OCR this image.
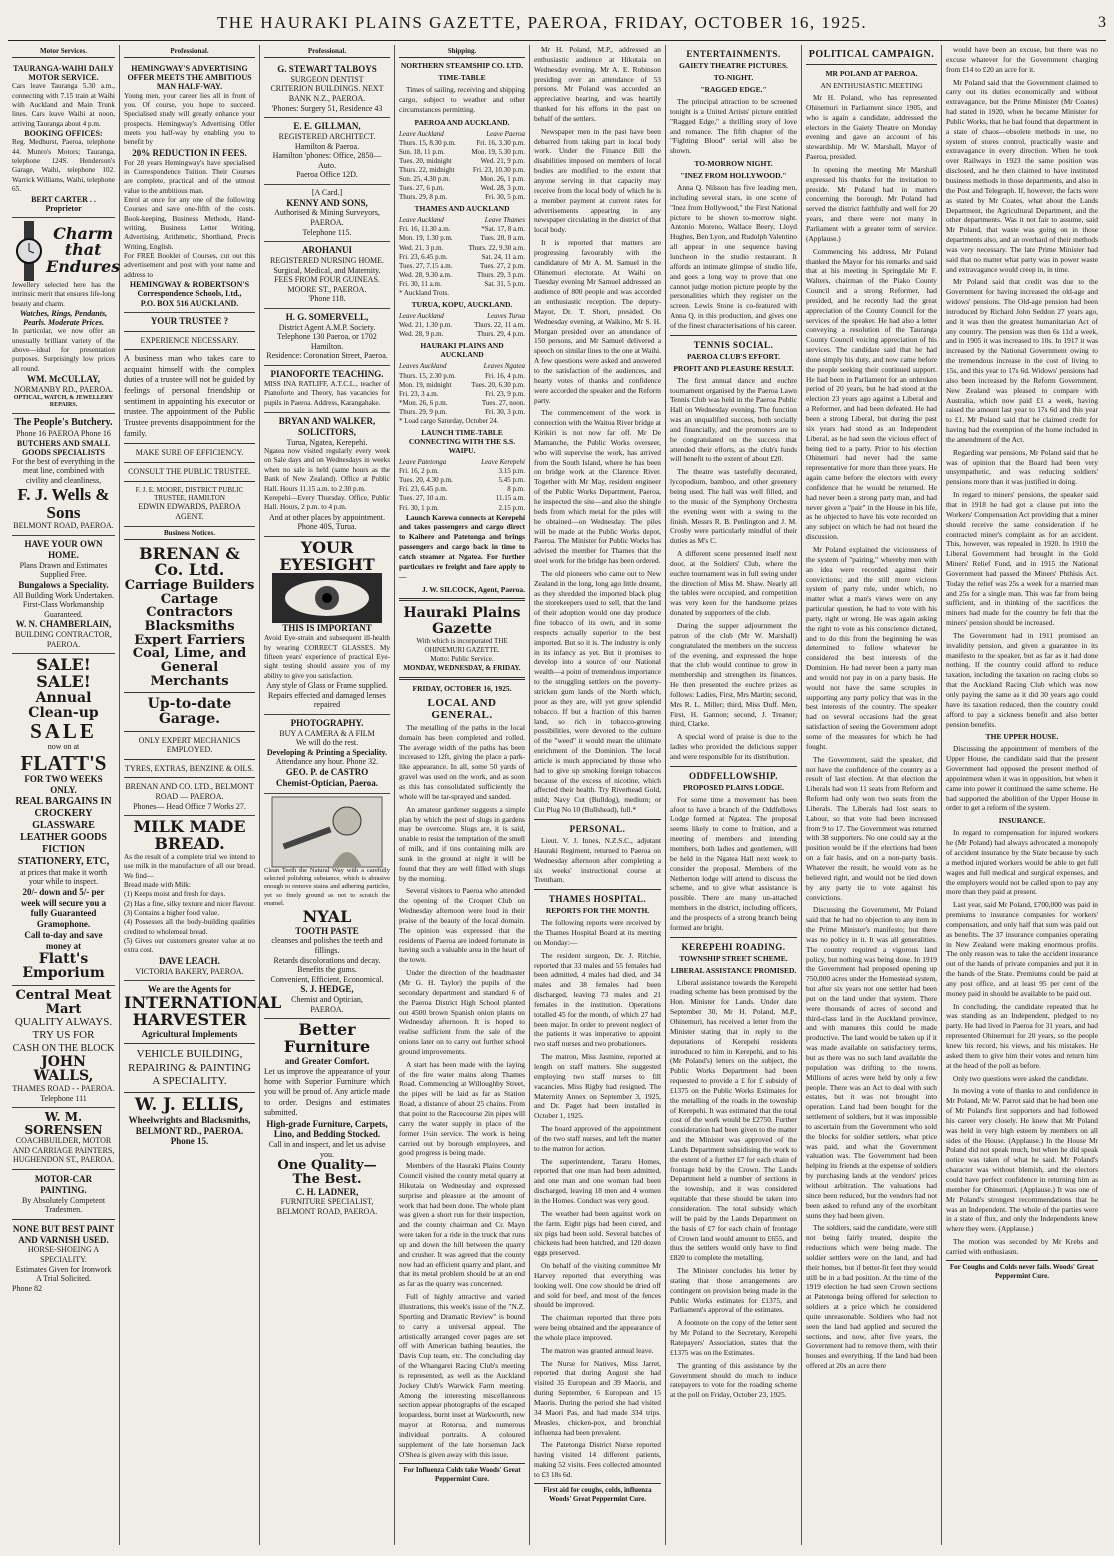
THE HAURAKI PLAINS GAZETTE, PAEROA, FRIDAY, OCTOBER 16, 1925.	3
Motor Services.
TAURANGA-WAIHI DAILY MOTOR SERVICE.
Cars leave Tauranga 5.30 a.m., connecting with 7.15 train at Waihi with Auckland and Main Trunk lines. Cars leave Waihi at noon, arriving Tauranga about 4 p.m.
BOOKING OFFICES:
Reg. Medhurst, Paeroa, telephone 44. Munro's Motors; Tauranga, telephone 124S. Henderson's Garage, Waihi, telephone 102. Warrick Williams, Waihi, telephone 65.
BERT CARTER . . Proprietor
Charm
that
Endures
Jewellery selected here has the intrinsic merit that ensures life-long beauty and charm.
Watches, Rings, Pendants, Pearls. Moderate Prices.
In particular, we now offer an unusually brilliant variety of the above—ideal for presentation purposes. Surprisingly low prices all round.
WM. McCULLAY,
NORMANBY RD., PAEROA.
OPTICAL, WATCH, & JEWELLERY REPAIRS.
The People's Butchery.
Phone 16 PAEROA Phone 16
BUTCHERS AND SMALL GOODS SPECIALISTS
For the best of everything in the meat line, combined with civility and cleanliness,
F. J. Wells & Sons
BELMONT ROAD, PAEROA.
HAVE YOUR OWN HOME.
Plans Drawn and Estimates Supplied Free.
Bungalows a Speciality.
All Building Work Undertaken.
First-Class Workmanship Guaranteed.
W. N. CHAMBERLAIN,
BUILDING CONTRACTOR, PAEROA.
SALE! SALE!
Annual Clean-up
SALE
now on at
FLATT'S
FOR TWO WEEKS ONLY.
REAL BARGAINS IN CROCKERY GLASSWARE LEATHER GOODS FICTION STATIONERY, ETC,
at prices that make it worth your while to inspect.
20/- down and 5/- per week will secure you a fully Guaranteed Gramophone.
Call to-day and save money at
Flatt's Emporium
Central Meat Mart
QUALITY ALWAYS.
TRY US FOR
CASH ON THE BLOCK
JOHN WALLS,
THAMES ROAD - - PAEROA.
Telephone 111
W. M. SORENSEN
COACHBUILDER, MOTOR AND CARRIAGE PAINTERS,
HUGHENDON ST., PAEROA.
MOTOR-CAR PAINTING.
By Absolutely Competent Tradesmen.
NONE BUT BEST PAINT AND VARNISH USED.
HORSE-SHOEING A SPECIALITY.
Estimates Given for Ironwork
A Trial Solicited.
Phone 82
Professional.
HEMINGWAY'S ADVERTISING OFFER MEETS THE AMBITIOUS MAN HALF-WAY.
Young men, your career lies all in front of you. Of course, you hope to succeed. Specialised study will greatly enhance your prospects. Hemingway's Advertising Offer meets you half-way by enabling you to benefit by
20% REDUCTION IN FEES.
For 28 years Hemingway's have specialised in Correspondence Tuition. Their Courses are complete, practical and of the utmost value to the ambitious man.
Enrol at once for any one of the following Courses and save one-fifth of the costs. Book-keeping, Business Methods, Hand-writing, Business Letter Writing, Advertising, Arithmetic, Shorthand, Precis Writing, English.
For FREE Booklet of Courses, cut out this advertisement and post with your name and address to
HEMINGWAY & ROBERTSON'S Correspondence Schools, Ltd.,
P.O. BOX 516 AUCKLAND.
YOUR TRUSTEE ?
EXPERIENCE NECESSARY.
A business man who takes care to acquaint himself with the complex duties of a trustee will not be guided by feelings of personal friendship or sentiment in appointing his executor or trustee. The appointment of the Public Trustee prevents disappointment for the family.
MAKE SURE OF EFFICIENCY.
CONSULT THE PUBLIC TRUSTEE.
F. J. E. MOORE, DISTRICT PUBLIC TRUSTEE, HAMILTON
EDWIN EDWARDS, PAEROA AGENT.
Business Notices.
BRENAN & Co. Ltd.
Carriage Builders
Cartage Contractors
Blacksmiths
Expert Farriers
Coal, Lime, and
General Merchants
Up-to-date Garage.
ONLY EXPERT MECHANICS EMPLOYED.
TYRES, EXTRAS, BENZINE & OILS.
BRENAN AND CO. LTD., BELMONT ROAD — PAEROA.
Phones— Head Office 7 Works 27.
MILK MADE BREAD.
As the result of a complete trial we intend to use milk in the manufacture of all our bread. We find—
Bread made with Milk:
(1) Keeps moist and fresh for days.
(2) Has a fine, silky texture and nicer flavour.
(3) Contains a higher food value.
(4) Possesses all the body-building qualities credited to wholemeal bread.
(5) Gives our customers greater value at no extra cost.
DAVE LEACH.
VICTORIA BAKERY, PAEROA.
We are the Agents for
INTERNATIONAL HARVESTER
Agricultural Implements
VEHICLE BUILDING, REPAIRING & PAINTING A SPECIALITY.
W. J. ELLIS,
Wheelwrights and Blacksmiths,
BELMONT RD., PAEROA.
Phone 15.
Professional.
G. STEWART TALBOYS
SURGEON DENTIST
CRITERION BUILDINGS. NEXT BANK N.Z., PAEROA.
'Phones: Surgery 51, Residence 43
E. E. GILLMAN,
REGISTERED ARCHITECT.
Hamilton & Paeroa.
Hamilton 'phones: Office, 2850—Auto.
Paeroa Office 12D.
[A Card.]
KENNY AND SONS,
Authorised & Mining Surveyors, PAEROA.
Telephone 115.
AROHANUI
REGISTERED NURSING HOME.
Surgical, Medical, and Maternity.
FEES FROM FOUR GUINEAS.
MOORE ST., PAEROA.
'Phone 118.
H. G. SOMERVELL,
District Agent A.M.P. Society. Telephone 130 Paeroa, or 1702 Hamilton.
Residence: Coronation Street, Paeroa.
PIANOFORTE TEACHING.
MISS INA RATLIFF, A.T.C.L., teacher of Pianoforte and Theory, has vacancies for pupils in Paeroa. Address, Karangahake.
BRYAN AND WALKER, SOLICITORS,
Turua, Ngatea, Kerepehi.
Ngatea now visited regularly every week on Sale days and on Wednesdays in weeks when no sale is held (same hours as the Bank of New Zealand). Office at Public Hall. Hours 11.15 a.m. to 2.30 p.m.
Kerepehi—Every Thursday. Office, Public Hall. Hours, 2 p.m. to 4 p.m.
And at other places by appointment.
Phone 40S, Turua.
YOUR EYESIGHT
THIS IS IMPORTANT
Avoid Eye-strain and subsequent ill-health by wearing CORRECT GLASSES. My fifteen years' experience of practical Eye-sight testing should assure you of my ability to give you satisfaction.
Any style of Glass or Frame supplied.
Repairs effected and damaged lenses repaired
PHOTOGRAPHY.
BUY A CAMERA & A FILM
We will do the rest.
Developing & Printing a Speciality.
Attendance any hour. Phone 32.
GEO. P. de CASTRO
Chemist-Optician, Paeroa.
Clean Teeth the Natural Way with a carefully selected polishing substance, which is abrasive enough to remove stains and adhering particles, yet so finely ground as not to scratch the enamel.
NYAL
TOOTH PASTE
cleanses and polishes the teeth and fillings.
Retards discolorations and decay. Benefits the gums.
Convenient, Efficient, Economical.
S. J. HEDGE,
Chemist and Optician,
PAEROA.
Better Furniture
and Greater Comfort.
Let us improve the appearance of your home with Superior Furniture which you will be proud of. Any article made to order. Designs and estimates submitted.
High-grade Furniture, Carpets, Lino, and Bedding Stocked.
Call in and inspect, and let us advise you.
One Quality—The Best.
C. H. LADNER,
FURNITURE SPECIALIST,
BELMONT ROAD, PAEROA.
Shipping.
NORTHERN STEAMSHIP CO. LTD.
TIME-TABLE

Times of sailing, receiving and shipping cargo, subject to weather and other circumstances permitting.

PAEROA AND AUCKLAND.
Leave Auckland	Leave Paeroa
Thurs. 15, 8.30 p.m.	Fri. 16, 3.30 p.m.
Sun. 18, 11 p.m.	Mon. 19, 5.30 p.m.
Tues. 20, midnight	Wed. 21, 9 p.m.
Thurs. 22, midnight	Fri. 23, 10.30 p.m.
Sun. 25, 4.30 p.m.	Mon. 26, 1 p.m.
Tues. 27, 6 p.m.	Wed. 28, 3 p.m.
Thurs. 29, 8 p.m.	Fri. 30, 5 p.m.
THAMES AND AUCKLAND
Leave Auckland	Leave Thames
Fri. 16, 11.30 a.m.	*Sat. 17, 8 a.m.
Mon. 19, 1.30 p.m.	Tues. 20, 8 a.m.
Wed. 21, 3 p.m.	Thurs. 22, 9.30 a.m.
Fri. 23, 6.45 p.m.	Sat. 24, 11 a.m.
Tues. 27, 7.15 a.m.	Tues. 27, 2 p.m.
Wed. 28, 9.30 a.m.	Thurs. 29, 3 p.m.
Fri. 30, 11 a.m.	Sat. 31, 5 p.m.
* Auckland Trots.
TURUA, KOPU, AUCKLAND.
Leave Auckland	Leaves Turua
Wed. 21, 1.30 p.m.	Thurs. 22, 11 a.m.
Wed. 28, 9 p.m.	Thurs. 29, 4 p.m.
HAURAKI PLAINS AND AUCKLAND
Leaves Auckland	Leaves Ngatea
Thurs. 15, 2.30 p.m.	Fri. 16, 4 p.m.
Mon. 19, midnight	Tues. 20, 6.30 p.m.
Fri. 23, 3 a.m.	Fri. 23, 9 p.m.
*Mon. 26, 6 p.m.	Tues. 27, noon.
Thurs. 29, 9 p.m.	Fri. 30, 3 p.m.
* Load cargo Saturday, October 24.
LAUNCH TIME-TABLE CONNECTING WITH THE S.S. WAIPU.
Leave Patetonga	Leave Kerepehi
Fri. 16, 2 p.m.	3.15 p.m.
Tues. 20, 4.30 p.m.	5.45 p.m.
Fri. 23, 6.45 p.m.	8 p.m.
Tues. 27, 10 a.m.	11.15 a.m.
Fri. 30, 1 p.m.	2.15 p.m.

Launch Karewa connects at Kerepehi and takes passengers and cargo direct to Kaihere and Patetonga and brings passengers and cargo back in time to catch steamer at Ngatea. For further particulars re freight and fare apply to—

J. W. SILCOCK, Agent, Paeroa.
Hauraki Plains Gazette
With which is incorporated THE OHINEMURI GAZETTE.
Motto: Public Service.
MONDAY, WEDNESDAY, & FRIDAY.
FRIDAY, OCTOBER 16, 1925.
LOCAL AND GENERAL.

The metalling of the paths in the local domain has been completed and rolled. The average width of the paths has been increased to 12ft, giving the place a park-like appearance. In all, some 50 yards of gravel was used on the work, and as soon as this has consolidated sufficiently the whole will be tar-sprayed and sanded.

An amateur gardener suggests a simple plan by which the pest of slugs in gardens may be overcome. Slugs are, it is said, unable to resist the temptation of the smell of milk, and if tins containing milk are sunk in the ground at night it will be found that they are well filled with slugs by the morning.

Several visitors to Paeroa who attended the opening of the Croquet Club on Wednesday afternoon were loud in their praise of the beauty of the local domain. The opinion was expressed that the residents of Paeroa are indeed fortunate in having such a valuable area in the heart of the town.

Under the direction of the headmaster (Mr G. H. Taylor) the pupils of the secondary department and standard 6 of the Paeroa District High School planted out 4500 brown Spanish onion plants on Wednesday afternoon. It is hoped to realise sufficient from the sale of the onions later on to carry out further school ground improvements.

A start has been made with the laying of the fire water mains along Thames Road. Commencing at Willoughby Street, the pipes will be laid as far as Station Road, a distance of about 25 chains. From that point to the Racecourse 2in pipes will carry the water supply in place of the former 1½in service. The work is being carried out by borough employees, and good progress is being made.

Members of the Hauraki Plains County Council visited the county metal quarry at Hikutaia on Wednesday and expressed surprise and pleasure at the amount of work that had been done. The whole plant was given a short run for their inspection, and the county chairman and Cr. Mayn were taken for a ride in the truck that runs up and down the hill between the quarry and crusher. It was agreed that the county now had an efficient quarry and plant, and that its metal problem should be at an end as far as the quarry was concerned.

Full of highly attractive and varied illustrations, this week's issue of the "N.Z. Sporting and Dramatic Review" is bound to carry a universal appeal. The artistically arranged cover pages are set off with American bathing beauties, the Davis Cup team, etc. The concluding day of the Whangarei Racing Club's meeting is represented, as well as the Auckland Jockey Club's Warwick Farm meeting. Among the interesting miscellaneous section appear photographs of the escaped leopardess, burnt inset at Warkworth, new mayor at Rotorua, and numerous individual portraits. A coloured supplement of the late horseman Jack O'Shea is given away with this issue.

For Influenza Colds take Woods' Great Peppermint Cure.

Mr H. Poland, M.P., addressed an enthusiastic audience at Hikutaia on Wednesday evening. Mr A. E. Robinson presiding over an attendance of 53 persons. Mr Poland was accorded an appreciative hearing, and was heartily thanked for his efforts in the past on behalf of the settlers.

Newspaper men in the past have been debarred from taking part in local body work. Under the Finance Bill the disabilities imposed on members of local bodies are modified to the extent that anyone serving in that capacity may receive from the local body of which he is a member payment at current rates for advertisements appearing in any newspaper circulating in the district of that local body.

It is reported that matters are progressing favourably with the candidature of Mr A. M. Samuel in the Ohinemuri electorate. At Waihi on Tuesday evening Mr Samuel addressed an audience of 800 people and was accorded an enthusiastic reception. The deputy-Mayor, Dr. T. Short, presided. On Wednesday evening, at Waikino, Mr S. H. Morgan presided over an attendance of 150 persons, and Mr Samuel delivered a speech on similar lines to the one at Waihi. A few questions were asked and answered to the satisfaction of the audiences, and hearty votes of thanks and confidence were accorded the speaker and the Reform party.

The commencement of the work in connection with the Waitoa River bridge at Kirikiri is not now far off. Mr De Mamanche, the Public Works overseer, who will supervise the work, has arrived from the South Island, where he has been on bridge work at the Clarence River. Together with Mr May, resident engineer of the Public Works Department, Paeroa, he inspected the site—and also the shingle beds from which metal for the piles will be obtained—on Wednesday. The piles will be made at the Public Works depot, Paeroa. The Minister for Public Works has advised the member for Thames that the steel work for the bridge has been ordered.

The old pioneers who came out to New Zealand in the long, long ago little dreamt, as they shredded the imported black plug the storekeepers used to sell, that the land of their adoption would one day produce fine tobacco of its own, and in some respects actually superior to the best imported. But so it is. The industry is only in its infancy as yet. But it promises to develop into a source of our National wealth—a point of tremendous importance to the struggling settlers on the poverty-stricken gum lands of the North which, poor as they are, will yet grow splendid tobacco. If but a fraction of this barren land, so rich in tobacco-growing possibilities, were devoted to the culture of the "weed" it would mean the ultimate enrichment of the Dominion. The local article is much appreciated by those who had to give up smoking foreign tobaccos because of the excess of nicotine, which affected their health. Try Riverhead Gold, mild; Navy Cut (Bulldog), medium; or Cut Plug No 10 (Bullshead), full.*

PERSONAL.

Lieut. V. J. Innes, N.Z.S.C., adjutant Hauraki Regiment, returned to Paeroa on Wednesday afternoon after completing a six weeks' instructional course at Trentham.

THAMES HOSPITAL.
REPORTS FOR THE MONTH.

The following reports were received by the Thames Hospital Board at its meeting on Monday:—

The resident surgeon, Dr. J. Ritchie, reported that 33 males and 55 females had been admitted, 4 males had died, and 34 males and 38 females had been discharged, leaving 73 males and 21 females in the institution. Operations totalled 45 for the month, of which 27 had been major. In order to prevent neglect of the patients it was imperative to appoint two staff nurses and two probationers.

The matron, Miss Jasmine, reported at length on staff matters. She suggested employing two staff nurses to fill vacancies. Miss Rigby had resigned. The Maternity Annex on September 3, 1925, and Dr. Paget had been installed in October 1, 1925.

The board approved of the appointment of the two staff nurses, and left the matter to the matron for action.

The superintendent, Tararu Homes, reported that one man had been admitted, and one man and one woman had been discharged, leaving 18 men and 4 women in the Homes. Conduct was very good.

The weather had been against work on the farm. Eight pigs had been cured, and six pigs had been sold. Several batches of chickens had been hatched, and 120 dozen eggs preserved.

On behalf of the visiting committee Mr Harvey reported that everything was looking well. One cow should be dried off and sold for beef, and most of the fences should be improved.

The chairman reported that three pots were being obtained and the appearance of the whole place improved.

The matron was granted annual leave.

The Nurse for Natives, Miss Jarret, reported that during August she had visited 35 European and 39 Maoris, and during September, 6 European and 15 Maoris. During the period she had visited 34 Maori Pas, and had made 334 trips. Measles, chicken-pox, and bronchial influenza had been prevalent.

The Patetonga District Nurse reported having visited 14 different patients, making 52 visits. Fees collected amounted to £3 18s 6d.

First aid for coughs, colds, influenza Woods' Great Peppermint Cure.
ENTERTAINMENTS.
GAIETY THEATRE PICTURES.
TO-NIGHT.
"RAGGED EDGE."

The principal attraction to be screened tonight is a United Artists' picture entitled "Ragged Edge," a thrilling story of love and romance. The fifth chapter of the "Fighting Blood" serial will also be shown.

TO-MORROW NIGHT.
"INEZ FROM HOLLYWOOD."

Anna Q. Nilsson has five leading men, including several stars, in one scene of "Inez from Hollywood," the First National picture to be shown to-morrow night. Antonio Moreno, Wallace Beery, Lloyd Hughes, Ben Lyon, and Rudolph Valentino all appear in one sequence having luncheon in the studio restaurant. It affords an intimate glimpse of studio life, and goes a long way to prove that one cannot judge motion picture people by the personalities which they register on the screen. Lewis Stone is co-featured with Anna Q. in this production, and gives one of the finest characterisations of his career.

TENNIS SOCIAL.
PAEROA CLUB'S EFFORT.
PROFIT AND PLEASURE RESULT.

The first annual dance and euchre tournament organised by the Paeroa Lawn Tennis Club was held in the Paeroa Public Hall on Wednesday evening. The function was an unqualified success, both socially and financially, and the promoters are to be congratulated on the success that attended their efforts, as the club's funds will benefit to the extent of about £20.

The theatre was tastefully decorated, lycopodium, bamboo, and other greenery being used. The hall was well filled, and to the music of the Symphony Orchestra the evening went with a swing to the finish. Messrs R. B. Penlington and J. M. Crosby were particularly mindful of their duties as M's C.

A different scene presented itself next door, at the Soldiers' Club, where the euchre tournament was in full swing under the direction of Miss M. Shaw. Nearly all the tables were occupied, and competition was very keen for the handsome prizes donated by supporters of the club.

During the supper adjournment the patron of the club (Mr W. Marshall) congratulated the members on the success of the evening, and expressed the hope that the club would continue to grow in membership and strengthen its finances. He then presented the euchre prizes as follows: Ladies, First, Mrs Martin; second, Mrs R. L. Miller; third, Miss Duff. Men, First, H. Gannon; second, J. Treanor; third, Clarke.

A special word of praise is due to the ladies who provided the delicious supper and were responsible for its distribution.

ODDFELLOWSHIP.
PROPOSED PLAINS LODGE.

For some time a movement has been afoot to have a branch of the Oddfellows Lodge formed at Ngatea. The proposal seems likely to come to fruition, and a meeting of members and intending members, both ladies and gentlemen, will be held in the Ngatea Hall next week to consider the proposal. Members of the Netherton lodge will attend to discuss the scheme, and to give what assistance is possible. There are many un-attached members in the district, including officers, and the prospects of a strong branch being formed are bright.

KEREPEHI ROADING.
TOWNSHIP STREET SCHEME.
LIBERAL ASSISTANCE PROMISED.

Liberal assistance towards the Kerepehi roading scheme has been promised by the Hon. Minister for Lands. Under date September 30, Mr H. Poland, M.P., Ohinemuri, has received a letter from the Minister stating that in reply to the deputations of Kerepehi residents introduced to him in Kerepehi, and to his (Mr Poland's) letters on the subject, the Public Works Department had been requested to provide a £ for £ subsidy of £1375 on the Public Works Estimates for the metalling of the roads in the township of Kerepehi. It was estimated that the total cost of the work would be £2750. Further consideration had been given to the matter and the Minister was approved of the Lands Department subsidising the work to the extent of a further £7 for each chain of frontage held by the Crown. The Lands Department held a number of sections in the township, and it was considered equitable that these should be taken into consideration. The total subsidy which will be paid by the Lands Department on the basis of £7 for each chain of frontage of Crown land would amount to £655, and thus the settlers would only have to find £820 to complete the metalling.

The Minister concludes his letter by stating that those arrangements are contingent on provision being made in the Public Works estimates for £1375, and Parliament's approval of the estimates.

A footnote on the copy of the letter sent by Mr Poland to the Secretary, Kerepehi Ratepayers' Association, states that the £1375 was on the Estimates.

The granting of this assistance by the Government should do much to induce ratepayers to vote for the roading scheme at the poll on Friday, October 23, 1925.

POLITICAL CAMPAIGN.
MR POLAND AT PAEROA.
AN ENTHUSIASTIC MEETING

Mr H. Poland, who has represented Ohinemuri in Parliament since 1905, and who is again a candidate, addressed the electors in the Gaiety Theatre on Monday evening and gave an account of his stewardship. Mr W. Marshall, Mayor of Paeroa, presided.

In opening the meeting Mr Marshall expressed his thanks for the invitation to preside. Mr Poland had in matters concerning the borough. Mr Poland had served the district faithfully and well for 20 years, and there were not many in Parliament with a greater term of service. (Applause.)

Commencing his address, Mr Poland thanked the Mayor for his remarks and said that at his meeting in Springdale Mr F. Walters, chairman of the Piako County Council and a strong Reformer, had presided, and he recently had the great appreciation of the County Council for the services of the speaker. He had also a letter conveying a resolution of the Tauranga County Council voicing appreciation of his services. The candidate said that he had done simply his duty, and now came before the people seeking their continued support. He had been in Parliament for an unbroken period of 20 years, but he had stood at the election 23 years ago against a Liberal and a Reformer, and had been defeated. He had been a strong Liberal, but during the past six years had stood as an Independent Liberal, as he had seen the vicious effect of being tied to a party. Prior to his election Ohinemuri had never had the same representative for more than three years. He again came before the electors with every confidence that he would be returned. He had never been a strong party man, and had never given a "pair" in the House in his life, as he objected to have his vote recorded on any subject on which he had not heard the discussion.

Mr Poland explained the viciousness of the system of "pairing," whereby men with an idea were recorded against their convictions; and the still more vicious system of party rule, under which, no matter what a man's views were on any particular question, he had to vote with his party, right or wrong. He was again asking the right to vote as his conscience dictated, and to do this from the beginning he was determined to follow whatever he considered the best interests of the Dominion. He had never been a party man and would not pay in on a party basis. He would not have the same scruples in supporting any party policy that was in the best interests of the country. The speaker had on several occasions had the great satisfaction of seeing the Government adopt some of the measures for which he had fought.

The Government, said the speaker, did not have the confidence of the country as a result of last election. At that election the Liberals had won 11 seats from Reform and Reform had only won two seats from the Liberals. The Liberals had lost seats to Labour, so that vote had been increased from 9 to 17. The Government was returned with 38 supporters. No one could say at the position would be if the elections had been on a fair basis, and on a non-party basis. Whatever the result, he would vote as he believed right, and would not be tied down by any party tie to vote against his convictions.

Discussing the Government, Mr Poland said that he had no objection to any item in the Prime Minister's manifesto; but there was no policy in it. It was all generalities. The country required a vigorous land policy, but nothing was being done. In 1919 the Government had proposed opening up 750,000 acres under the Homestead system, but after six years not one settler had been put on the land under that system. There were thousands of acres of second and third-class land in the Auckland province, and with manures this could be made productive. The land would be taken up if it was made available on satisfactory terms, but as there was no such land available the population was drifting to the towns. Millions of acres were held by only a few people. There was an Act to deal with such estates, but it was not brought into operation. Land had been bought for the settlement of soldiers, but it was impossible to ascertain from the Government who sold the blocks for soldier settlers, what price was paid, and what the Government valuation was. The Government had been helping its friends at the expense of soldiers by purchasing lands at the vendors' prices without arbitration. The valuations had since been reduced, but the vendors had not been asked to refund any of the exorbitant sums they had been given.

The soldiers, said the candidate, were still not being fairly treated, despite the reductions which were being made. The soldier settlers were on the land, and had their homes, but if better-fit feet they would still be in a bad position. At the time of the 1919 election he had seen Crown sections at Patetonga being offered for selection to soldiers at a price which he considered quite unreasonable. Soldiers who had not seen the land had applied and secured the sections, and now, after five years, the Government had to remove them, with their houses and everything. If the land had been offered at 20s an acre there

would have been an excuse, but there was no excuse whatever for the Government charging from £14 to £20 an acre for it.

Mr Poland said that the Government claimed to carry out its duties economically and without extravagance, but the Prime Minister (Mr Coates) had stated in 1920, when he became Minister for Public Works, that he had found that department in a state of chaos—obsolete methods in use, no system of stores control, practically waste and extravagance in every direction. When he took over Railways in 1923 the same position was disclosed, and he then claimed to have instituted business methods in those departments, and also in the Post and Telegraph. If, however, the facts were as stated by Mr Coates, what about the Lands Department, the Agricultural Department, and the other departments. Was it not fair to assume, said Mr Poland, that waste was going on in those departments also, and an overhaul of their methods was very necessary. The late Prime Minister had said that no matter what party was in power waste and extravagance would creep in, in time.

Mr Poland said that credit was due to the Government for having increased the old-age and widows' pensions. The Old-age pension had been introduced by Richard John Seddon 27 years ago, and it was then the greatest humanitarian Act of any country. The pension was then 6s 11d a week, and in 1905 it was increased to 10s. In 1917 it was increased by the National Government owing to the tremendous increase in the cost of living to 15s, and this year to 17s 6d. Widows' pensions had also been increased by the Reform Government. New Zealand was pleased to compare with Australia, which now paid £1 a week, having raised the amount last year to 17s 6d and this year to £1. Mr Poland said that he claimed credit for having had the exemption of the home included in the amendment of the Act.

Regarding war pensions, Mr Poland said that he was of opinion that the Board had been very unsympathetic, and was reducing soldiers' pensions more than it was justified in doing.

In regard to miners' pensions, the speaker said that in 1918 he had got a clause put into the Workers' Compensation Act providing that a miner should receive the same consideration if he contracted miner's complaint as for an accident. This, however, was repealed in 1920. In 1910 the Liberal Government had brought in the Gold Miners' Relief Fund, and in 1915 the National Government had passed the Miners' Phthisis Act. Today the relief was 25s a week for a married man and 25s for a single man. This was far from being sufficient, and in thinking of the sacrifices the miners had made for the country he felt that the miners' pension should be increased.

The Government had in 1911 promised an invalidity pension, and given a guarantee in its manifesto to the speaker, but as far as it had done nothing. If the country could afford to reduce taxation, including the taxation on racing clubs so that the Auckland Racing Club which was now only paying the same as it did 30 years ago could have its taxation reduced, then the country could afford to pay a sickness benefit and also better pension benefits.

THE UPPER HOUSE.

Discussing the appointment of members of the Upper House, the candidate said that the present Government had opposed the present method of appointment when it was in opposition, but when it came into power it continued the same scheme. He had supported the abolition of the Upper House in order to get a reform of the system.

INSURANCE.

In regard to compensation for injured workers he (Mr Poland) had always advocated a monopoly of accident insurance by the State because by such a method injured workers would be able to get full wages and full medical and surgical expenses, and the employers would not be called upon to pay any more than they paid at present.

Last year, said Mr Poland, £700,000 was paid in premiums to insurance companies for workers' compensation, and only half that sum was paid out as benefits. The 37 insurance companies operating in New Zealand were making enormous profits. The only reason was to take the accident insurance out of the hands of private companies and put it in the hands of the State. Premiums could be paid at any post office, and at least 95 per cent of the money paid in should be available to be paid out.

In concluding, the candidate repeated that he was standing as an Independent, pledged to no party. He had lived in Paeroa for 31 years, and had represented Ohinemuri for 20 years, so the people knew his record, his views, and his mistakes. He asked them to give him their votes and return him at the head of the poll as before.

Only two questions were asked the candidate.

In moving a vote of thanks to and confidence in Mr Poland, Mr W. Parrot said that he had been one of Mr Poland's first supporters and had followed his career very closely. He knew that Mr Poland was held in very high esteem by members on all sides of the House. (Applause.) In the House Mr Poland did not speak much, but when he did speak notice was taken of what he said. Mr Poland's character was without blemish, and the electors could have perfect confidence in returning him as member for Ohinemuri. (Applause.) It was one of Mr Poland's strongest recommendations that he was an Independent. The whole of the parties were in a state of flux, and only the Independents knew where they were. (Applause.)

The motion was seconded by Mr Krebs and carried with enthusiasm.

For Coughs and Colds never fails. Woods' Great Peppermint Cure.
